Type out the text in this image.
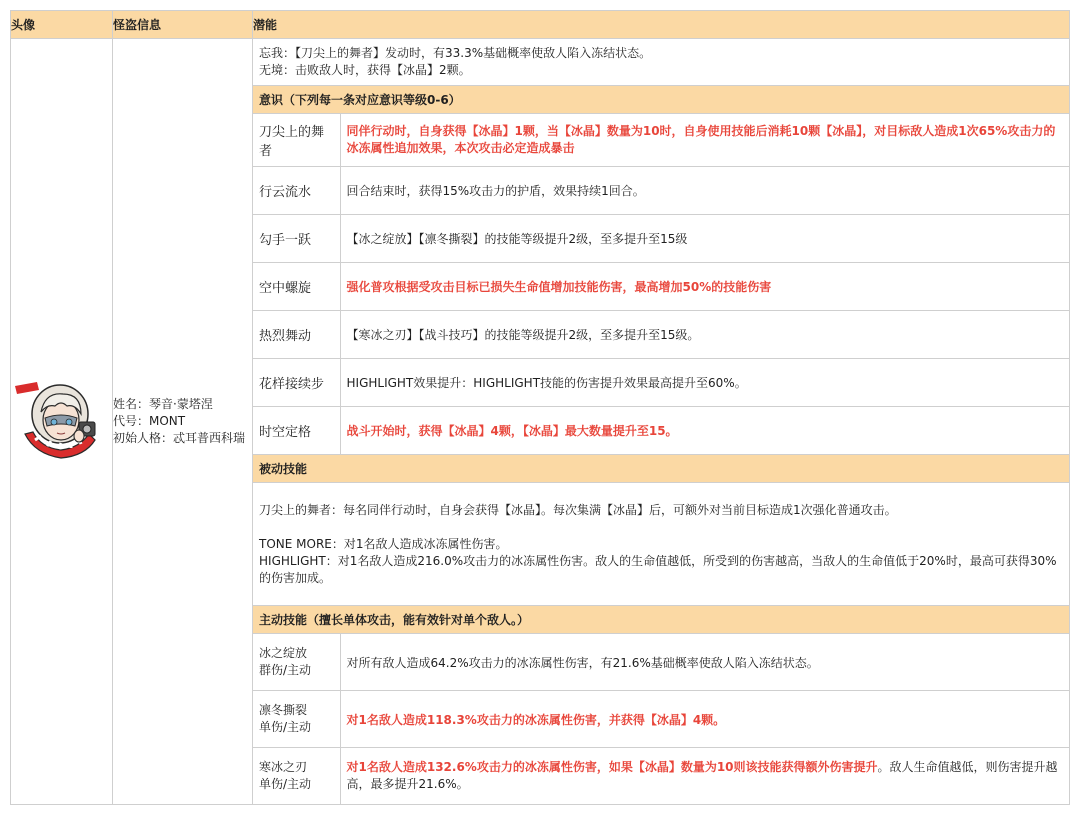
头像	怪盗信息	潜能

姓名：琴音·蒙塔涅
代号：MONT
初始人格：忒耳普西科瑞

忘我：【刀尖上的舞者】发动时，有33.3%基础概率使敌人陷入冻结状态。
无境：击败敌人时，获得【冰晶】2颗。

意识（下列每一条对应意识等级0-6）
刀尖上的舞者	同伴行动时，自身获得【冰晶】1颗，当【冰晶】数量为10时，自身使用技能后消耗10颗【冰晶】，对目标敌人造成1次65%攻击力的冰冻属性追加效果，本次攻击必定造成暴击
行云流水	回合结束时，获得15%攻击力的护盾，效果持续1回合。
勾手一跃	【冰之绽放】【凛冬撕裂】的技能等级提升2级，至多提升至15级
空中螺旋	强化普攻根据受攻击目标已损失生命值增加技能伤害，最高增加50%的技能伤害
热烈舞动	【寒冰之刃】【战斗技巧】的技能等级提升2级，至多提升至15级。
花样接续步	HIGHLIGHT效果提升：HIGHLIGHT技能的伤害提升效果最高提升至60%。
时空定格	战斗开始时，获得【冰晶】4颗，【冰晶】最大数量提升至15。
被动技能

刀尖上的舞者：每名同伴行动时，自身会获得【冰晶】。每次集满【冰晶】后，可额外对当前目标造成1次强化普通攻击。
TONE MORE：对1名敌人造成冰冻属性伤害。
HIGHLIGHT：对1名敌人造成216.0%攻击力的冰冻属性伤害。敌人的生命值越低，所受到的伤害越高，当敌人的生命值低于20%时，最高可获得30%的伤害加成。

主动技能（擅长单体攻击，能有效针对单个敌人。）

冰之绽放
群伤/主动
	对所有敌人造成64.2%攻击力的冰冻属性伤害，有21.6%基础概率使敌人陷入冻结状态。

凛冬撕裂
单伤/主动
	对1名敌人造成118.3%攻击力的冰冻属性伤害，并获得【冰晶】4颗。

寒冰之刃
单伤/主动
	对1名敌人造成132.6%攻击力的冰冻属性伤害，如果【冰晶】数量为10则该技能获得额外伤害提升。敌人生命值越低，则伤害提升越高，最多提升21.6%。
